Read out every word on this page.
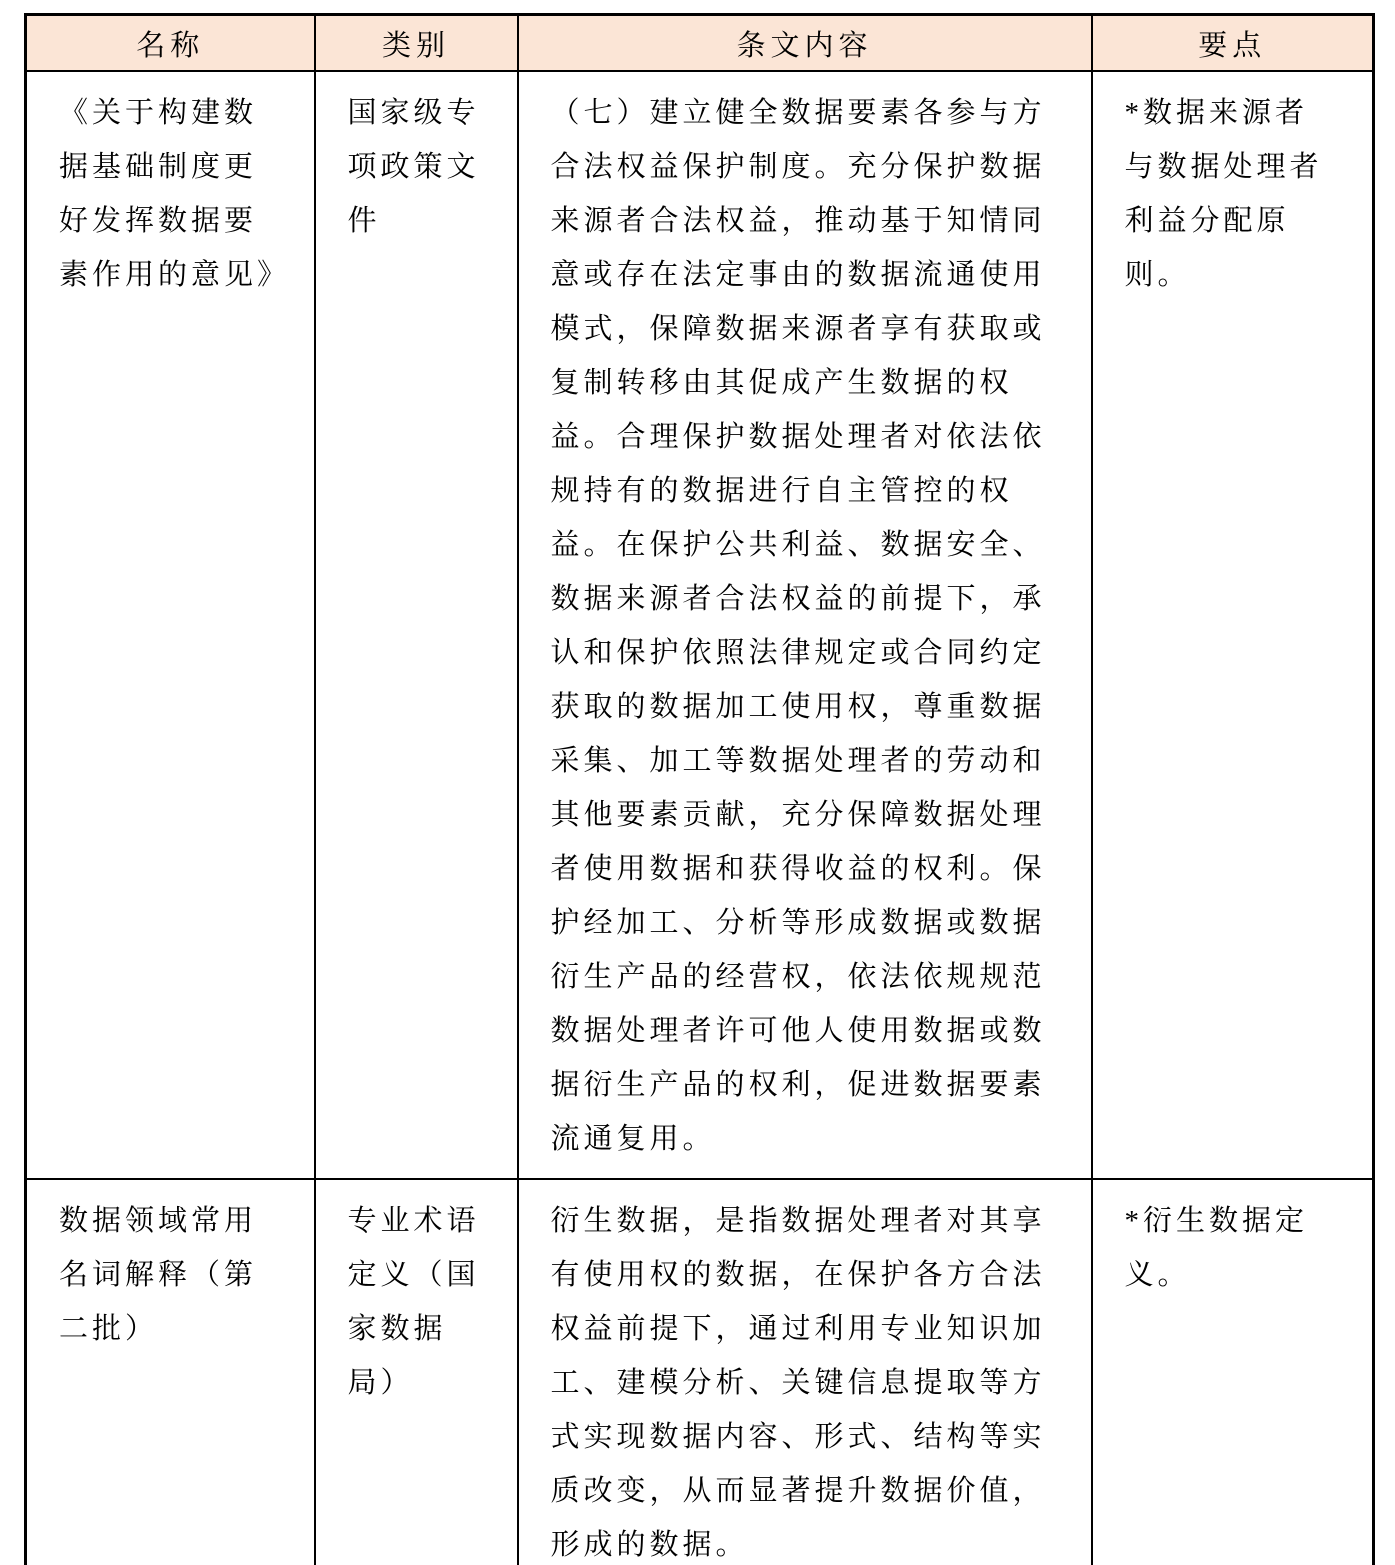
名称	类别	条文内容	要点
《关于构建数据基础制度更好发挥数据要素作用的意见》	国家级专项政策文件	（七）建立健全数据要素各参与方合法权益保护制度。充分保护数据来源者合法权益，推动基于知情同意或存在法定事由的数据流通使用模式，保障数据来源者享有获取或复制转移由其促成产生数据的权益。合理保护数据处理者对依法依规持有的数据进行自主管控的权益。在保护公共利益、数据安全、数据来源者合法权益的前提下，承认和保护依照法律规定或合同约定获取的数据加工使用权，尊重数据采集、加工等数据处理者的劳动和其他要素贡献，充分保障数据处理者使用数据和获得收益的权利。保护经加工、分析等形成数据或数据衍生产品的经营权，依法依规规范数据处理者许可他人使用数据或数据衍生产品的权利，促进数据要素流通复用。	*数据来源者与数据处理者利益分配原则。
数据领域常用名词解释（第二批）	专业术语定义（国家数据局）	衍生数据，是指数据处理者对其享有使用权的数据，在保护各方合法权益前提下，通过利用专业知识加工、建模分析、关键信息提取等方式实现数据内容、形式、结构等实质改变，从而显著提升数据价值，形成的数据。	*衍生数据定义。
